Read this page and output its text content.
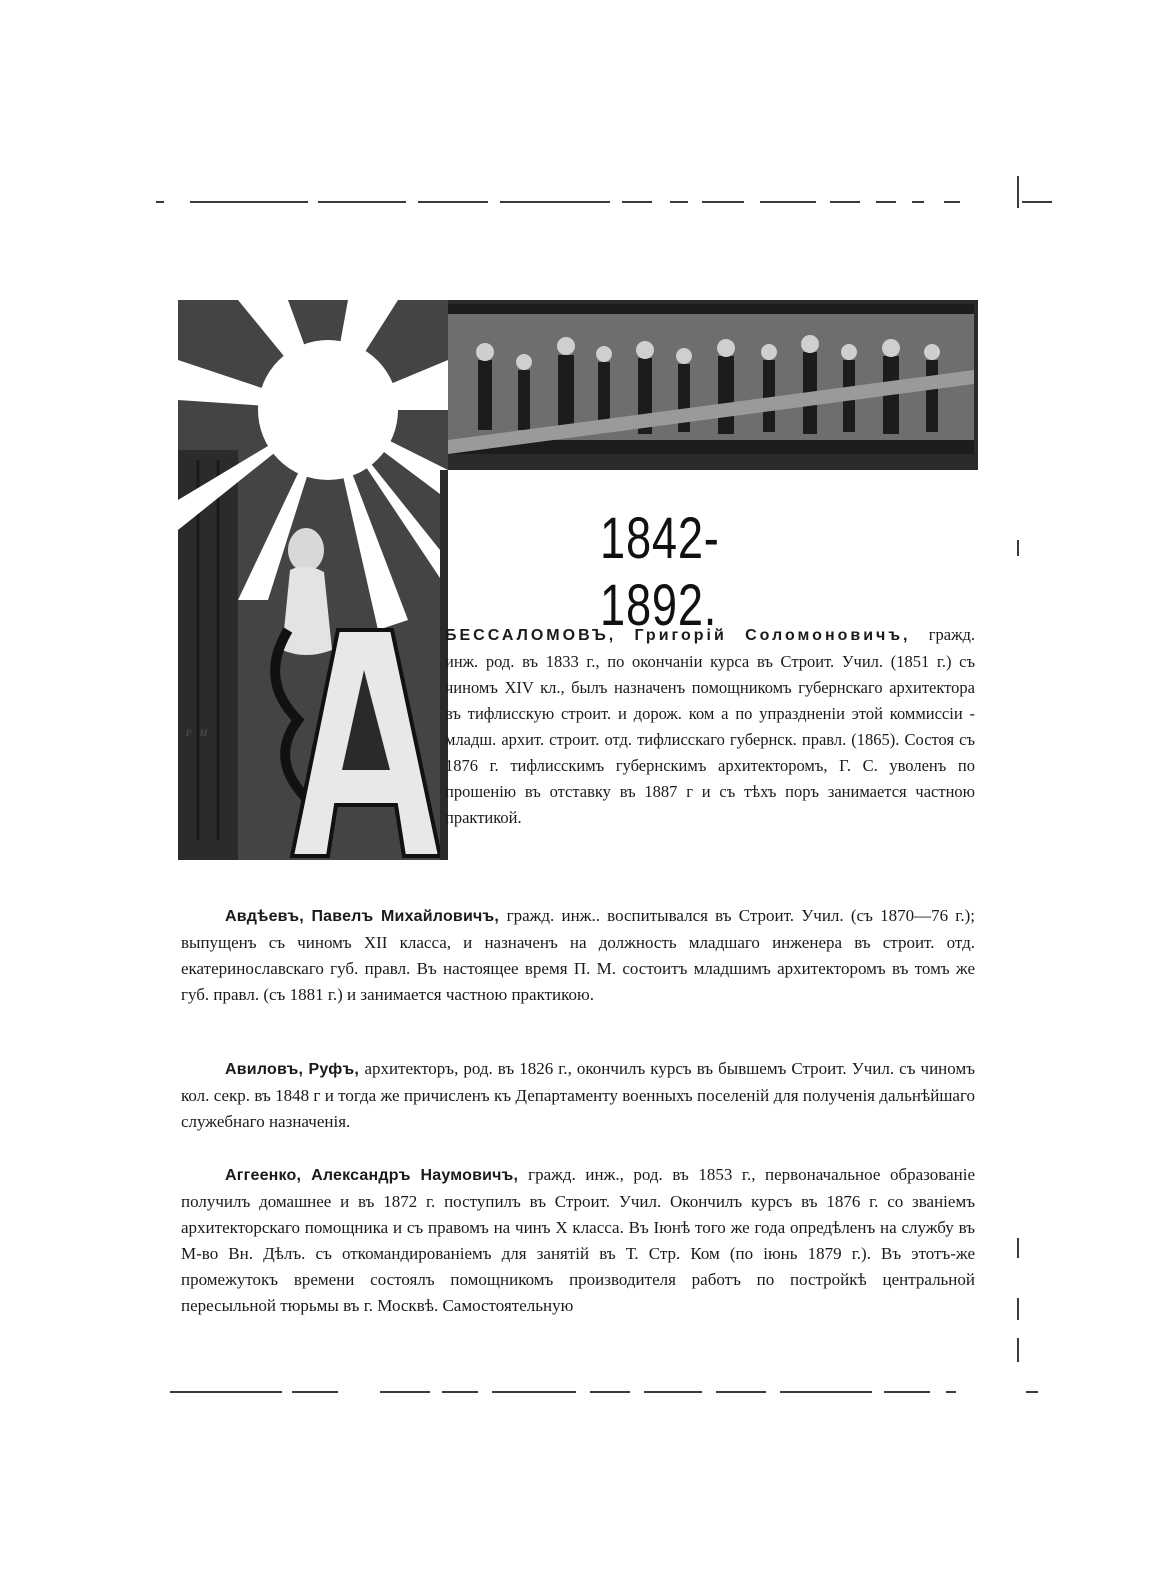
Р М
1842-1892.
БЕССАЛОМОВЪ, Григорій Соломоновичъ, гражд. инж. род. въ 1833 г., по окончаніи курса въ Строит. Учил. (1851 г.) съ чиномъ XIV кл., былъ назначенъ помощникомъ губернскаго архитектора въ тифлисскую строит. и дорож. ком а по упраздненіи этой коммиссіи - младш. архит. строит. отд. тифлисскаго губернск. правл. (1865). Состоя съ 1876 г. тифлисскимъ губернскимъ архитекторомъ, Г. С. уволенъ по прошенію въ отставку въ 1887 г и съ тѣхъ поръ занимается частною практикой.
Авдѣевъ, Павелъ Михайловичъ, гражд. инж.. воспитывался въ Строит. Учил. (съ 1870—76 г.); выпущенъ съ чиномъ XII класса, и назначенъ на должность младшаго инженера въ строит. отд. екатеринославскаго губ. правл. Въ настоящее время П. М. состоитъ младшимъ архитекторомъ въ томъ же губ. правл. (съ 1881 г.) и занимается частною практикою.
Авиловъ, Руфъ, архитекторъ, род. въ 1826 г., окончилъ курсъ въ бывшемъ Строит. Учил. съ чиномъ кол. секр. въ 1848 г и тогда же причисленъ къ Департаменту военныхъ поселеній для полученія дальнѣйшаго служебнаго назначенія.
Аггеенко, Александръ Наумовичъ, гражд. инж., род. въ 1853 г., первоначальное образованіе получилъ домашнее и въ 1872 г. поступилъ въ Строит. Учил. Окончилъ курсъ въ 1876 г. со званіемъ архитекторскаго помощника и съ правомъ на чинъ X класса. Въ Іюнѣ того же года опредѣленъ на службу въ М-во Вн. Дѣлъ. съ откомандированіемъ для занятій въ Т. Стр. Ком (по іюнь 1879 г.). Въ этотъ-же промежутокъ времени состоялъ помощникомъ производителя работъ по постройкѣ центральной пересыльной тюрьмы въ г. Москвѣ. Самостоятельную
